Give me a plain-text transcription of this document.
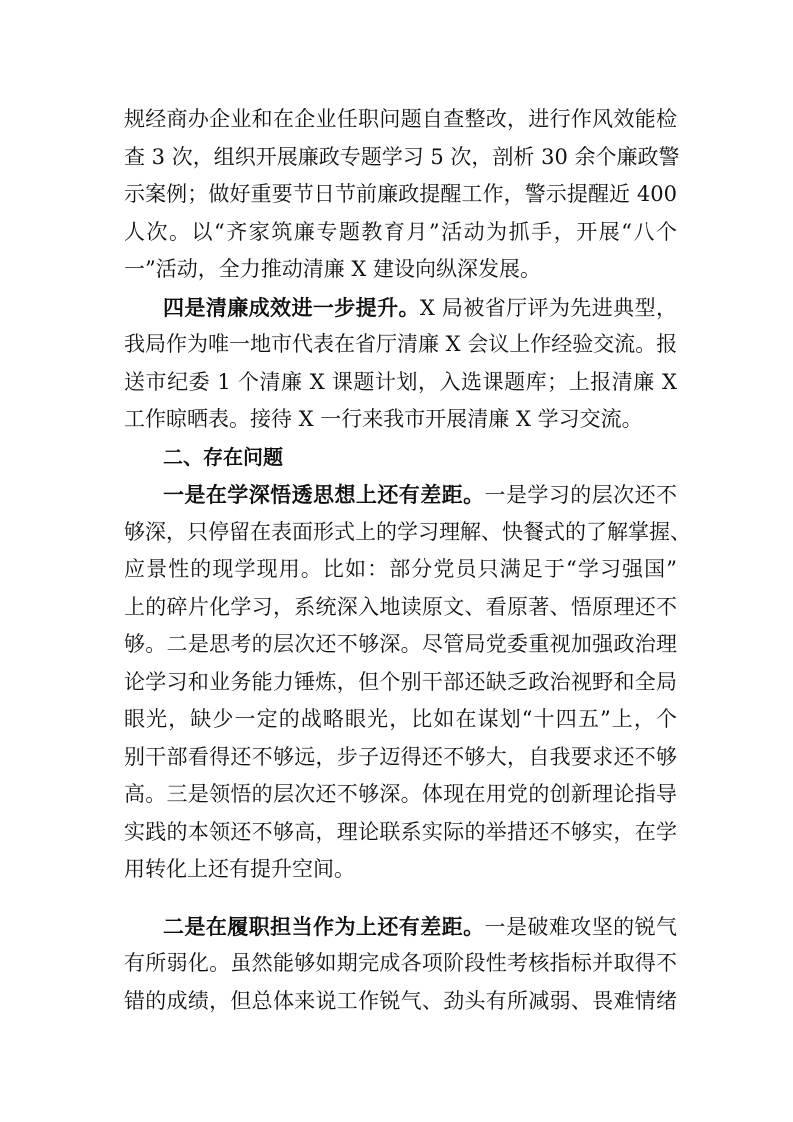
规经商办企业和在企业任职问题自查整改，进行作风效能检
查 3 次，组织开展廉政专题学习 5 次，剖析 30 余个廉政警
示案例；做好重要节日节前廉政提醒工作，警示提醒近 400
人次。以“齐家筑廉专题教育月”活动为抓手，开展“八个
一”活动，全力推动清廉 X 建设向纵深发展。
四是清廉成效进一步提升。X 局被省厅评为先进典型，
我局作为唯一地市代表在省厅清廉 X 会议上作经验交流。报
送市纪委 1 个清廉 X 课题计划，入选课题库；上报清廉 X
工作晾晒表。接待 X 一行来我市开展清廉 X 学习交流。
二、存在问题
一是在学深悟透思想上还有差距。一是学习的层次还不
够深，只停留在表面形式上的学习理解、快餐式的了解掌握、
应景性的现学现用。比如：部分党员只满足于“学习强国”
上的碎片化学习，系统深入地读原文、看原著、悟原理还不
够。二是思考的层次还不够深。尽管局党委重视加强政治理
论学习和业务能力锤炼，但个别干部还缺乏政治视野和全局
眼光，缺少一定的战略眼光，比如在谋划“十四五”上，个
别干部看得还不够远，步子迈得还不够大，自我要求还不够
高。三是领悟的层次还不够深。体现在用党的创新理论指导
实践的本领还不够高，理论联系实际的举措还不够实，在学
用转化上还有提升空间。
二是在履职担当作为上还有差距。一是破难攻坚的锐气
有所弱化。虽然能够如期完成各项阶段性考核指标并取得不
错的成绩，但总体来说工作锐气、劲头有所减弱、畏难情绪
